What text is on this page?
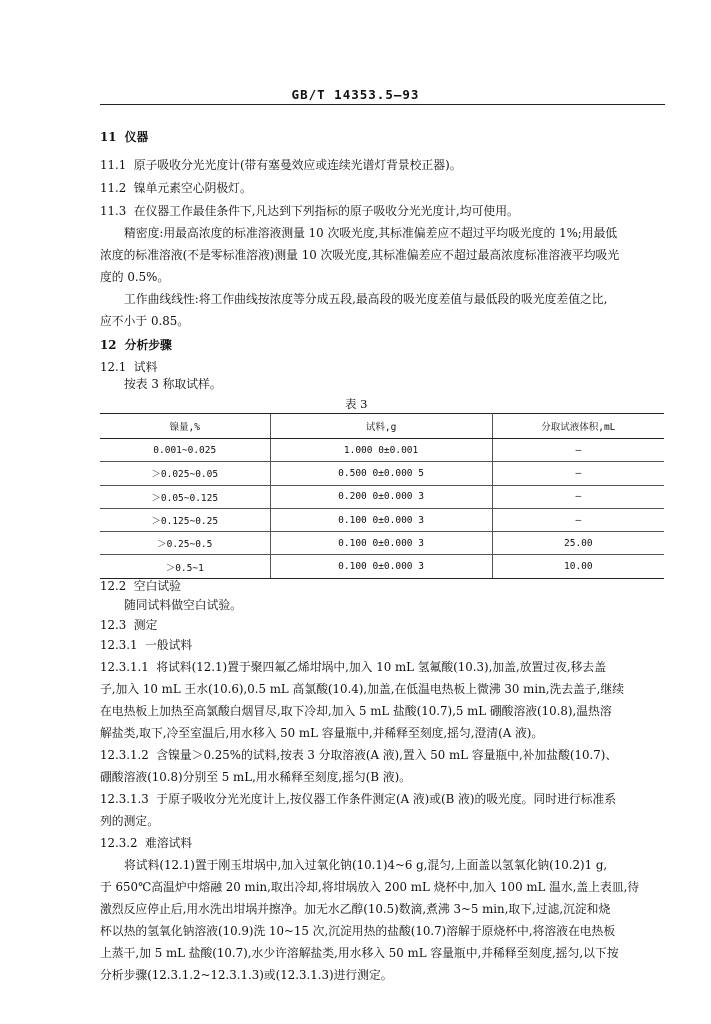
GB/T 14353.5—93
11 仪器
11.1 原子吸收分光光度计(带有塞曼效应或连续光谱灯背景校正器)。
11.2 镍单元素空心阴极灯。
11.3 在仪器工作最佳条件下,凡达到下列指标的原子吸收分光光度计,均可使用。
精密度:用最高浓度的标准溶液测量 10 次吸光度,其标准偏差应不超过平均吸光度的 1%;用最低
浓度的标准溶液(不是零标准溶液)测量 10 次吸光度,其标准偏差应不超过最高浓度标准溶液平均吸光
度的 0.5%。
工作曲线线性:将工作曲线按浓度等分成五段,最高段的吸光度差值与最低段的吸光度差值之比,
应不小于 0.85。
12 分析步骤
12.1 试料
按表 3 称取试样。
表 3
镍量,%	试料,g	分取试液体积,mL
0.001~0.025	1.000 0±0.001	—
＞0.025~0.05	0.500 0±0.000 5	—
＞0.05~0.125	0.200 0±0.000 3	—
＞0.125~0.25	0.100 0±0.000 3	—
＞0.25~0.5	0.100 0±0.000 3	25.00
＞0.5~1	0.100 0±0.000 3	10.00
12.2 空白试验
随同试料做空白试验。
12.3 测定
12.3.1 一般试料
12.3.1.1 将试料(12.1)置于聚四氟乙烯坩埚中,加入 10 mL 氢氟酸(10.3),加盖,放置过夜,移去盖
子,加入 10 mL 王水(10.6),0.5 mL 高氯酸(10.4),加盖,在低温电热板上微沸 30 min,洗去盖子,继续
在电热板上加热至高氯酸白烟冒尽,取下冷却,加入 5 mL 盐酸(10.7),5 mL 硼酸溶液(10.8),温热溶
解盐类,取下,冷至室温后,用水移入 50 mL 容量瓶中,并稀释至刻度,摇匀,澄清(A 液)。
12.3.1.2 含镍量＞0.25%的试料,按表 3 分取溶液(A 液),置入 50 mL 容量瓶中,补加盐酸(10.7)、
硼酸溶液(10.8)分别至 5 mL,用水稀释至刻度,摇匀(B 液)。
12.3.1.3 于原子吸收分光光度计上,按仪器工作条件测定(A 液)或(B 液)的吸光度。同时进行标准系
列的测定。
12.3.2 难溶试料
将试料(12.1)置于刚玉坩埚中,加入过氧化钠(10.1)4~6 g,混匀,上面盖以氢氧化钠(10.2)1 g,
于 650℃高温炉中熔融 20 min,取出冷却,将坩埚放入 200 mL 烧杯中,加入 100 mL 温水,盖上表皿,待
激烈反应停止后,用水洗出坩埚并擦净。加无水乙醇(10.5)数滴,煮沸 3~5 min,取下,过滤,沉淀和烧
杯以热的氢氧化钠溶液(10.9)洗 10~15 次,沉淀用热的盐酸(10.7)溶解于原烧杯中,将溶液在电热板
上蒸干,加 5 mL 盐酸(10.7),水少许溶解盐类,用水移入 50 mL 容量瓶中,并稀释至刻度,摇匀,以下按
分析步骤(12.3.1.2~12.3.1.3)或(12.3.1.3)进行测定。
